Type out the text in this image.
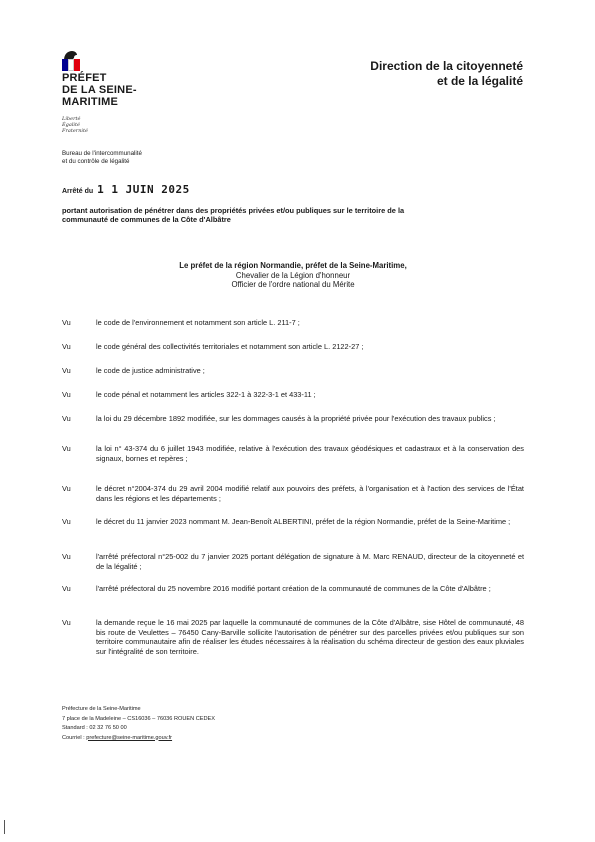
PRÉFET
DE LA SEINE-
MARITIME
Liberté
Égalité
Fraternité
Direction de la citoyenneté
et de la légalité
Bureau de l'intercommunalité
et du contrôle de légalité
Arrêté du 1 1 JUIN 2025
portant autorisation de pénétrer dans des propriétés privées et/ou publiques sur le territoire de la
communauté de communes de la Côte d'Albâtre
Le préfet de la région Normandie, préfet de la Seine-Maritime,
Chevalier de la Légion d'honneur
Officier de l'ordre national du Mérite
Vu	le code de l'environnement et notamment son article L. 211-7 ;
Vu	le code général des collectivités territoriales et notamment son article L. 2122-27 ;
Vu	le code de justice administrative ;
Vu	le code pénal et notamment les articles 322-1 à 322-3-1 et 433-11 ;
Vu	la loi du 29 décembre 1892 modifiée, sur les dommages causés à la propriété privée pour l'exécution des travaux publics ;
Vu	la loi n° 43-374 du 6 juillet 1943 modifiée, relative à l'exécution des travaux géodésiques et cadastraux et à la conservation des signaux, bornes et repères ;
Vu	le décret n°2004-374 du 29 avril 2004 modifié relatif aux pouvoirs des préfets, à l'organisation et à l'action des services de l'État dans les régions et les départements ;
Vu	le décret du 11 janvier 2023 nommant M. Jean-Benoît ALBERTINI, préfet de la région Normandie, préfet de la Seine-Maritime ;
Vu	l'arrêté préfectoral n°25-002 du 7 janvier 2025 portant délégation de signature à M. Marc RENAUD, directeur de la citoyenneté et de la légalité ;
Vu	l'arrêté préfectoral du 25 novembre 2016 modifié portant création de la communauté de communes de la Côte d'Albâtre ;
Vu	la demande reçue le 16 mai 2025 par laquelle la communauté de communes de la Côte d'Albâtre, sise Hôtel de communauté, 48 bis route de Veulettes – 76450 Cany-Barville sollicite l'autorisation de pénétrer sur des parcelles privées et/ou publiques sur son territoire communautaire afin de réaliser les études nécessaires à la réalisation du schéma directeur de gestion des eaux pluviales sur l'intégralité de son territoire.
Préfecture de la Seine-Maritime
7 place de la Madeleine – CS16036 – 76036 ROUEN CEDEX
Standard : 02 32 76 50 00
Courriel : prefecture@seine-maritime.gouv.fr
